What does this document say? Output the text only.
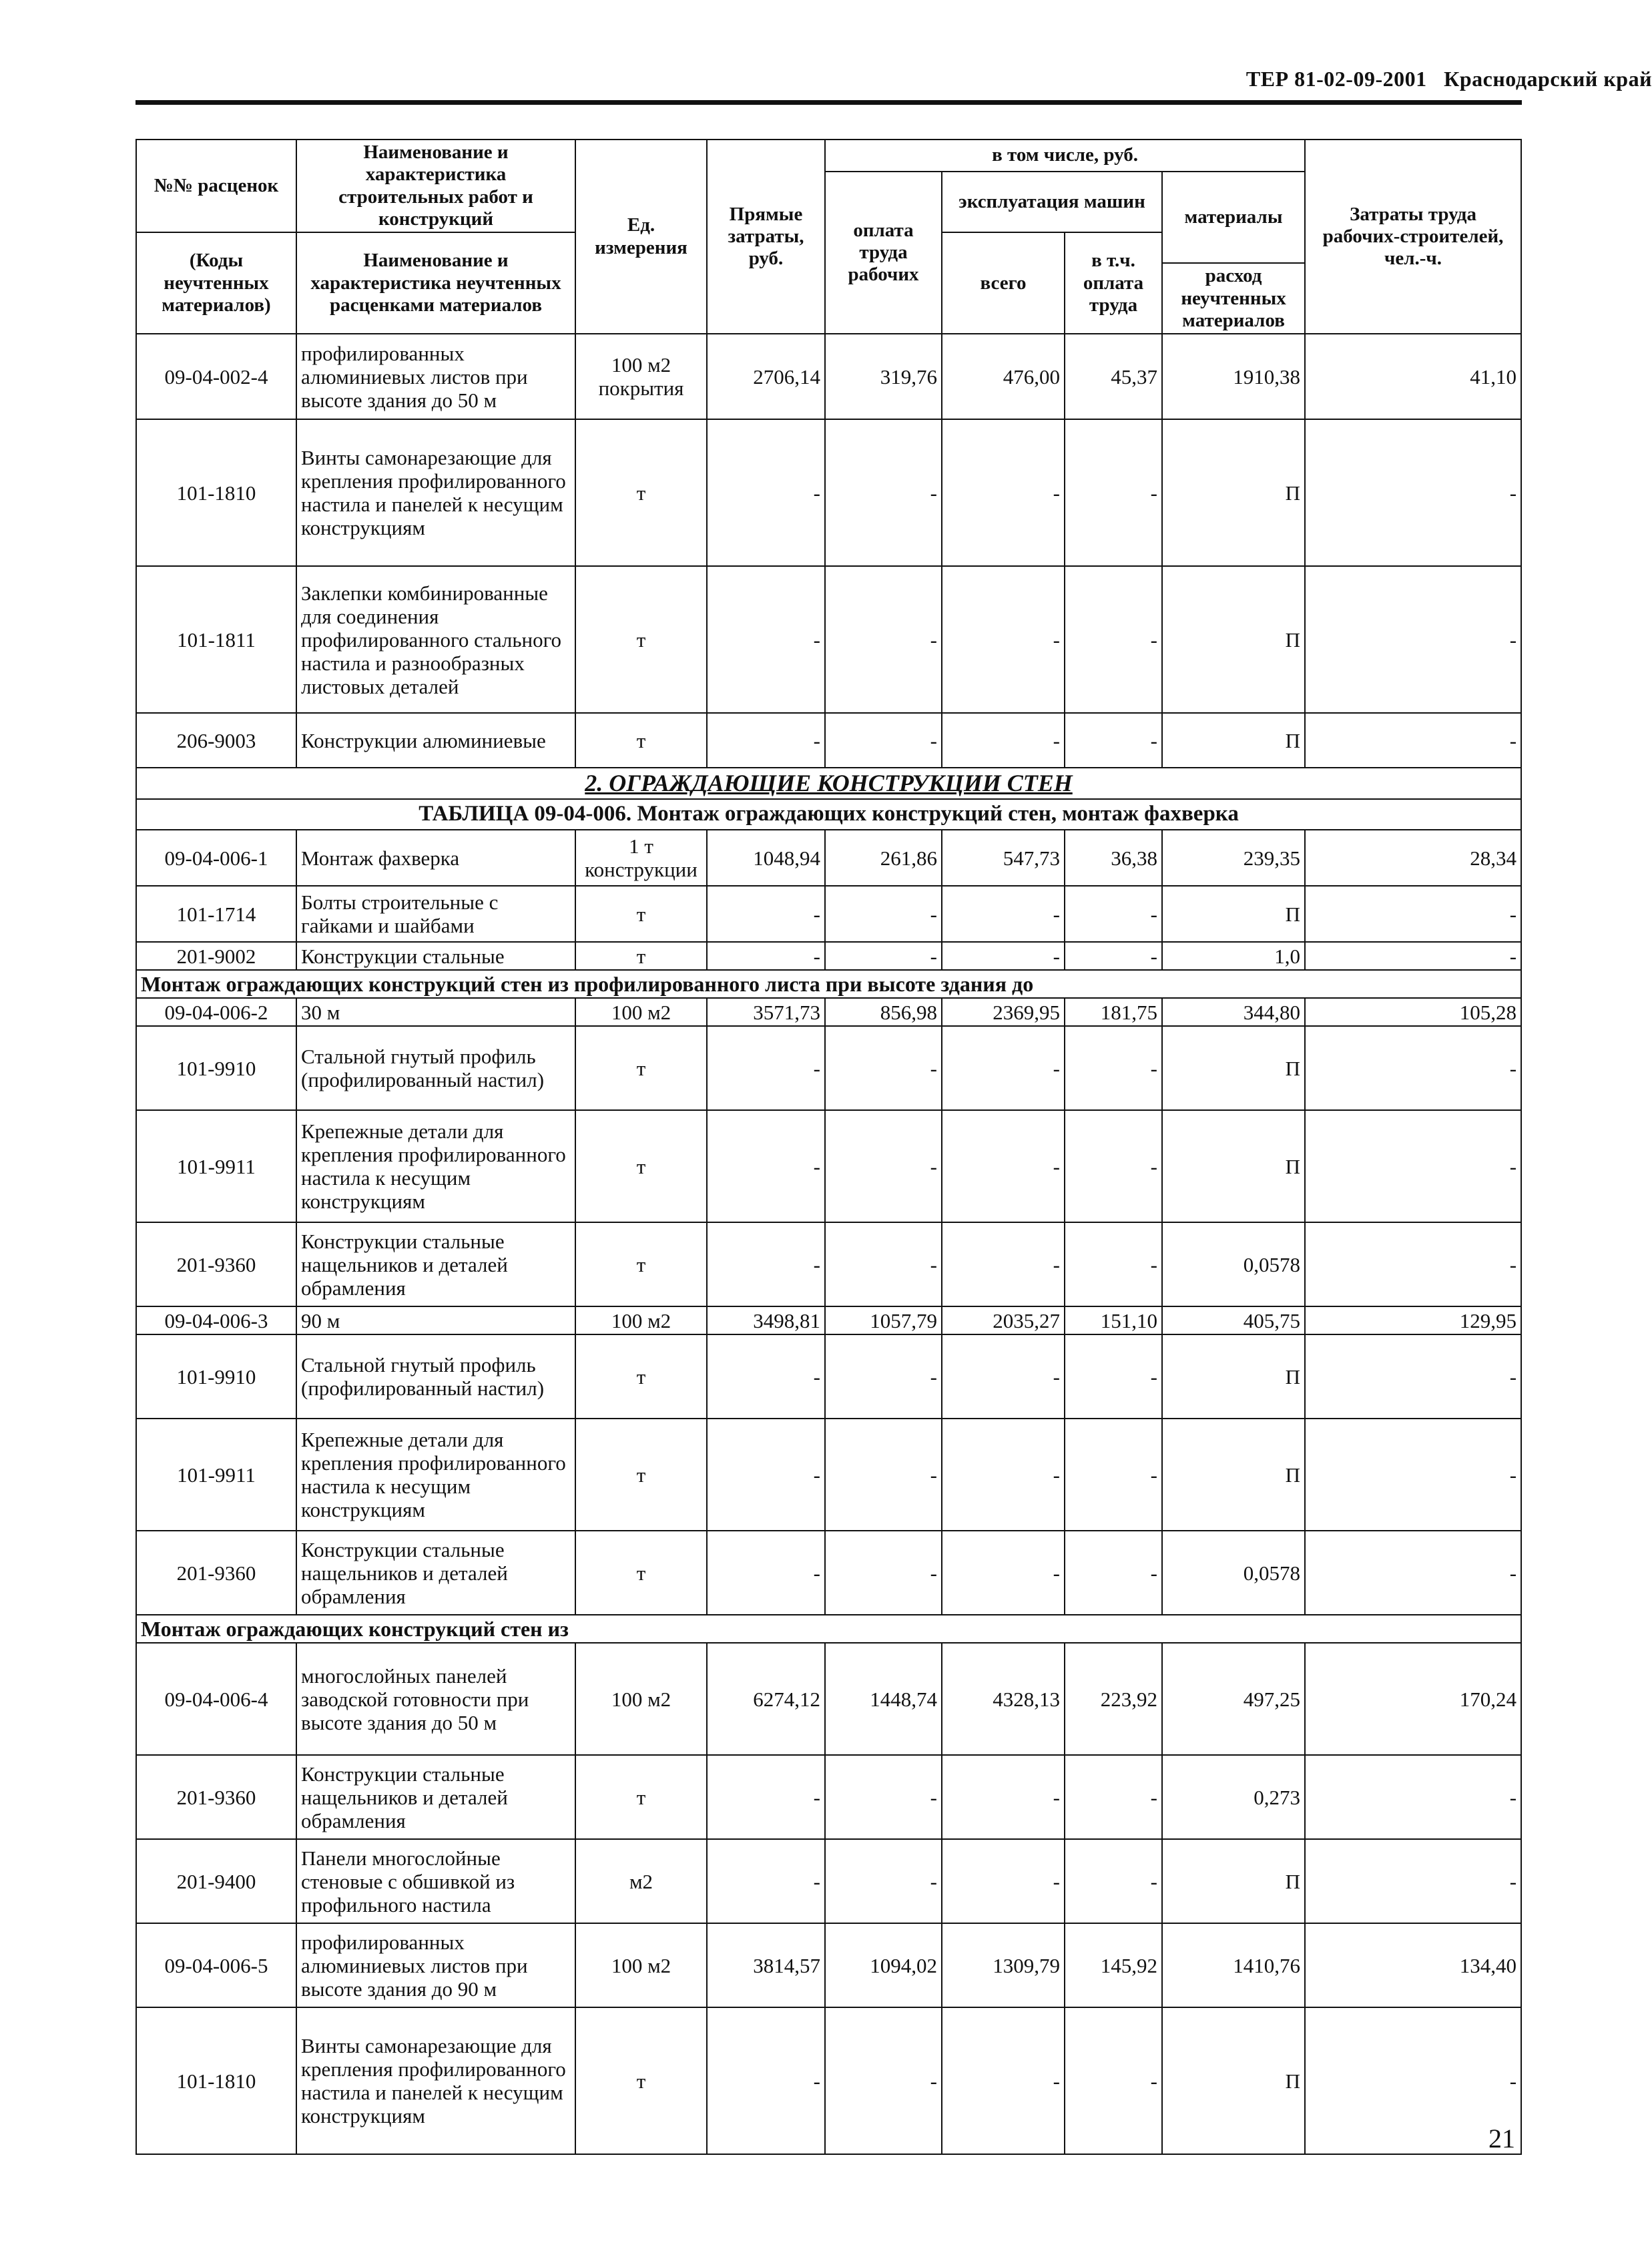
ТЕР 81-02-09-2001 Краснодарский край
№№ расценок	Наименование и характеристика строительных работ и конструкций	Ед. измерения	Прямые затраты, руб.	в том числе, руб.				Затраты труда рабочих-строителей, чел.-ч.
				оплата труда рабочих	эксплуатация машин		материалы	
(Коды неучтенных материалов)	Наименование и характеристика неучтенных расценками материалов				всего	в т.ч. оплата труда		
							расход неучтенных материалов	
09-04-002-4	профилированных алюминиевых листов при высоте здания до 50 м	100 м2 покрытия	2706,14	319,76	476,00	45,37	1910,38	41,10
101-1810	Винты самонарезающие для крепления профилированного настила и панелей к несущим конструкциям	т	-	-	-	-	П	-
101-1811	Заклепки комбинированные для соединения профилированного стального настила и разнообразных листовых деталей	т	-	-	-	-	П	-
206-9003	Конструкции алюминиевые	т	-	-	-	-	П	-
2. ОГРАЖДАЮЩИЕ КОНСТРУКЦИИ СТЕН								
ТАБЛИЦА 09-04-006. Монтаж ограждающих конструкций стен, монтаж фахверка								
09-04-006-1	Монтаж фахверка	1 т конструкции	1048,94	261,86	547,73	36,38	239,35	28,34
101-1714	Болты строительные с гайками и шайбами	т	-	-	-	-	П	-
201-9002	Конструкции стальные	т	-	-	-	-	1,0	-
Монтаж ограждающих конструкций стен из профилированного листа при высоте здания до								
09-04-006-2	30 м	100 м2	3571,73	856,98	2369,95	181,75	344,80	105,28
101-9910	Стальной гнутый профиль (профилированный настил)	т	-	-	-	-	П	-
101-9911	Крепежные детали для крепления профилированного настила к несущим конструкциям	т	-	-	-	-	П	-
201-9360	Конструкции стальные нащельников и деталей обрамления	т	-	-	-	-	0,0578	-
09-04-006-3	90 м	100 м2	3498,81	1057,79	2035,27	151,10	405,75	129,95
101-9910	Стальной гнутый профиль (профилированный настил)	т	-	-	-	-	П	-
101-9911	Крепежные детали для крепления профилированного настила к несущим конструкциям	т	-	-	-	-	П	-
201-9360	Конструкции стальные нащельников и деталей обрамления	т	-	-	-	-	0,0578	-
Монтаж ограждающих конструкций стен из								
09-04-006-4	многослойных панелей заводской готовности при высоте здания до 50 м	100 м2	6274,12	1448,74	4328,13	223,92	497,25	170,24
201-9360	Конструкции стальные нащельников и деталей обрамления	т	-	-	-	-	0,273	-
201-9400	Панели многослойные стеновые с обшивкой из профильного настила	м2	-	-	-	-	П	-
09-04-006-5	профилированных алюминиевых листов при высоте здания до 90 м	100 м2	3814,57	1094,02	1309,79	145,92	1410,76	134,40
101-1810	Винты самонарезающие для крепления профилированного настила и панелей к несущим конструкциям	т	-	-	-	-	П	-
21
